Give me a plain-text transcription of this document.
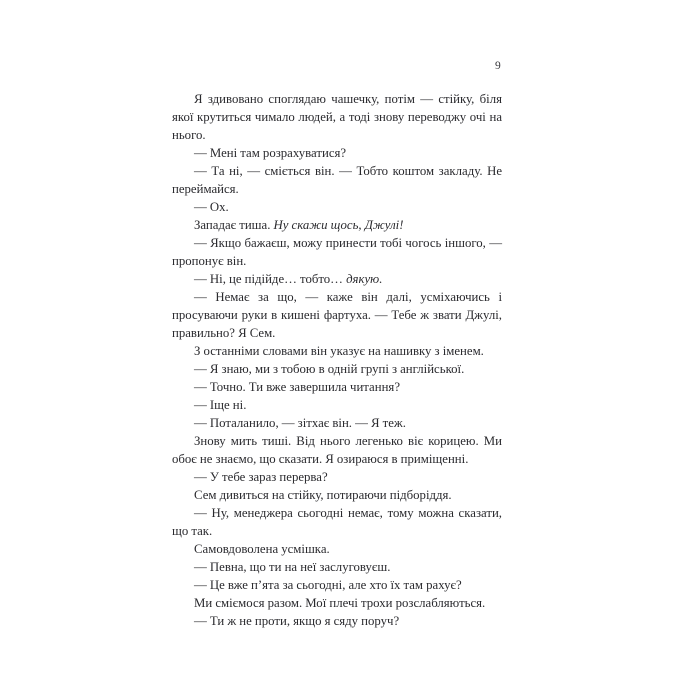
9

Я здивовано споглядаю чашечку, потім — стійку, біля якої крутиться чимало людей, а тоді знову переводжу очі на нього.

— Мені там розрахуватися?

— Та ні, — сміється він. — Тобто коштом закладу. Не переймайся.

— Ох.

Западає тиша. Ну скажи щось, Джулі!

— Якщо бажаєш, можу принести тобі чогось іншого, — пропонує він.

— Ні, це підійде… тобто… дякую.

— Немає за що, — каже він далі, усміхаючись і просуваючи руки в кишені фартуха. — Тебе ж звати Джулі, правильно? Я Сем.

З останніми словами він указує на нашивку з іменем.

— Я знаю, ми з тобою в одній групі з англійської.

— Точно. Ти вже завершила читання?

— Іще ні.

— Поталанило, — зітхає він. — Я теж.

Знову мить тиші. Від нього легенько віє корицею. Ми обоє не знаємо, що сказати. Я озираюся в приміщенні.

— У тебе зараз перерва?

Сем дивиться на стійку, потираючи підборіддя.

— Ну, менеджера сьогодні немає, тому можна сказати, що так.

Самовдоволена усмішка.

— Певна, що ти на неї заслуговуєш.

— Це вже п’ята за сьогодні, але хто їх там рахує?

Ми сміємося разом. Мої плечі трохи розслабляються.

— Ти ж не проти, якщо я сяду поруч?
